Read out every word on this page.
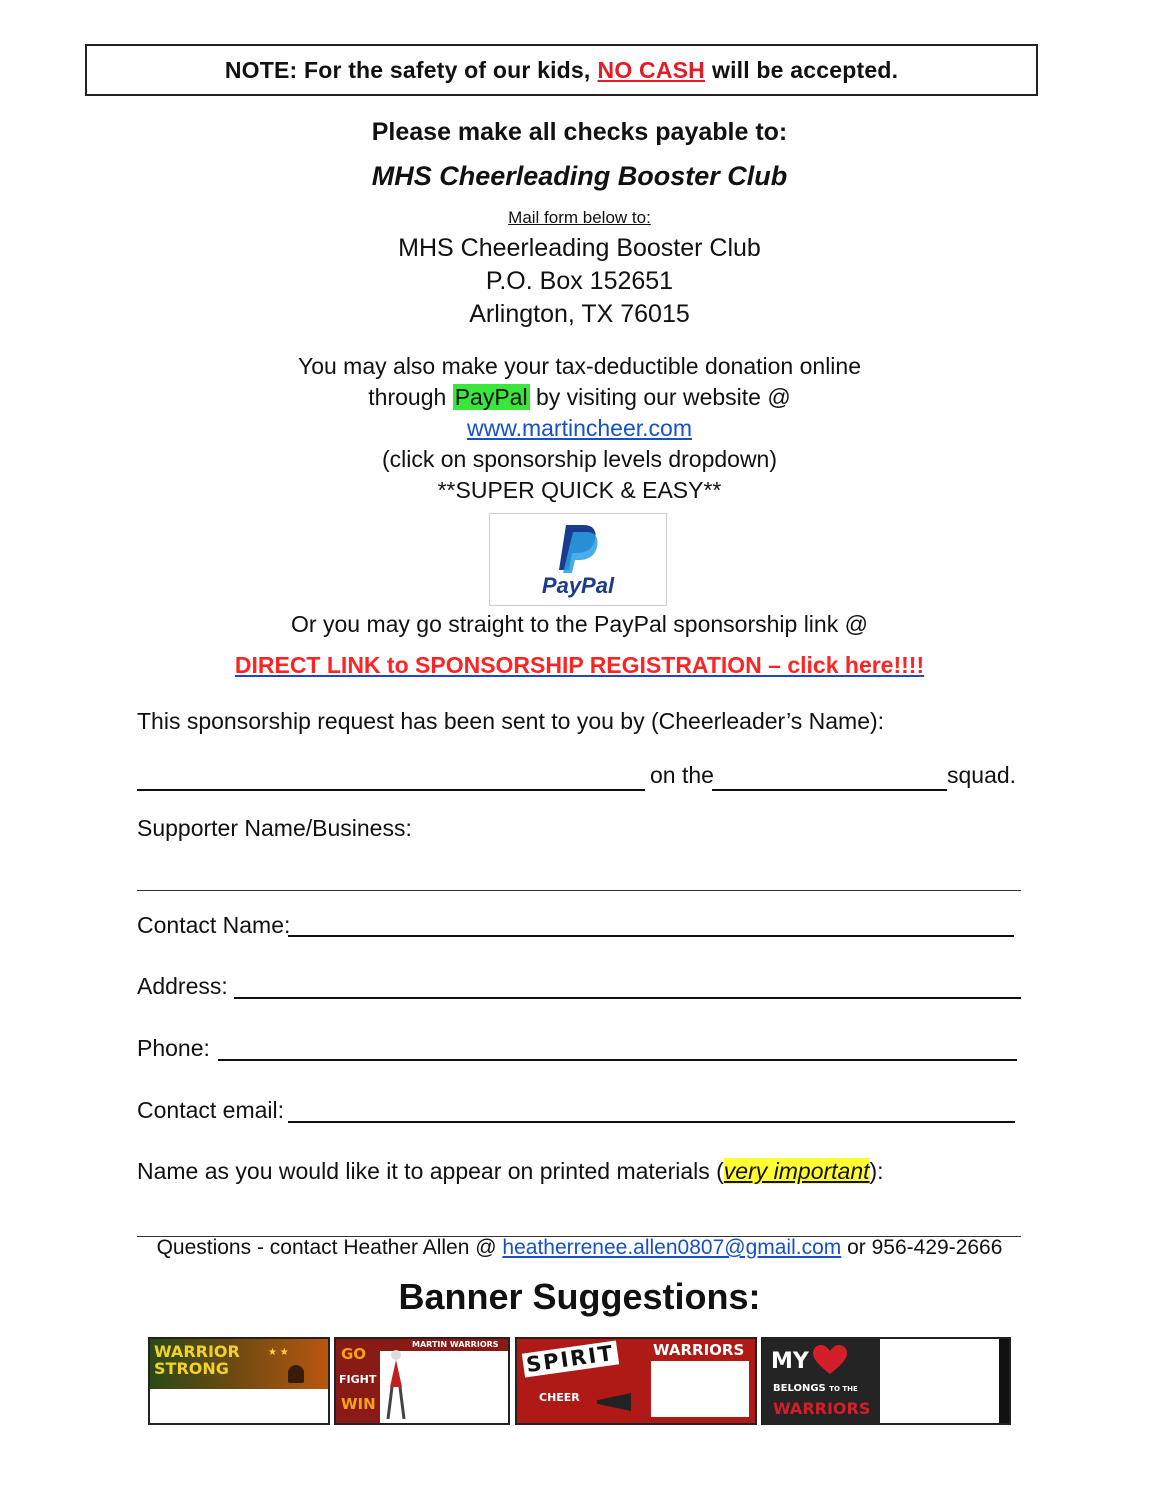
NOTE: For the safety of our kids, NO CASH will be accepted.
Please make all checks payable to:
MHS Cheerleading Booster Club
Mail form below to:
MHS Cheerleading Booster Club
P.O. Box 152651
Arlington, TX 76015
You may also make your tax-deductible donation online
through PayPal by visiting our website @
www.martincheer.com
(click on sponsorship levels dropdown)
**SUPER QUICK & EASY**
PayPal
Or you may go straight to the PayPal sponsorship link @
DIRECT LINK to SPONSORSHIP REGISTRATION – click here!!!!
This sponsorship request has been sent to you by (Cheerleader’s Name):
on the	squad.
Supporter Name/Business:
Contact Name:
Address:
Phone:
Contact email:
Name as you would like it to appear on printed materials (very important):
Questions - contact Heather Allen @ heatherrenee.allen0807@gmail.com or 956-429-2666
Banner Suggestions:
WARRIOR
STRONG
★ ★
MARTIN WARRIORS
GO
FIGHT
WIN
SPIRIT
CHEER
WARRIORS MY
BELONGS TO THE
WARRIORS
